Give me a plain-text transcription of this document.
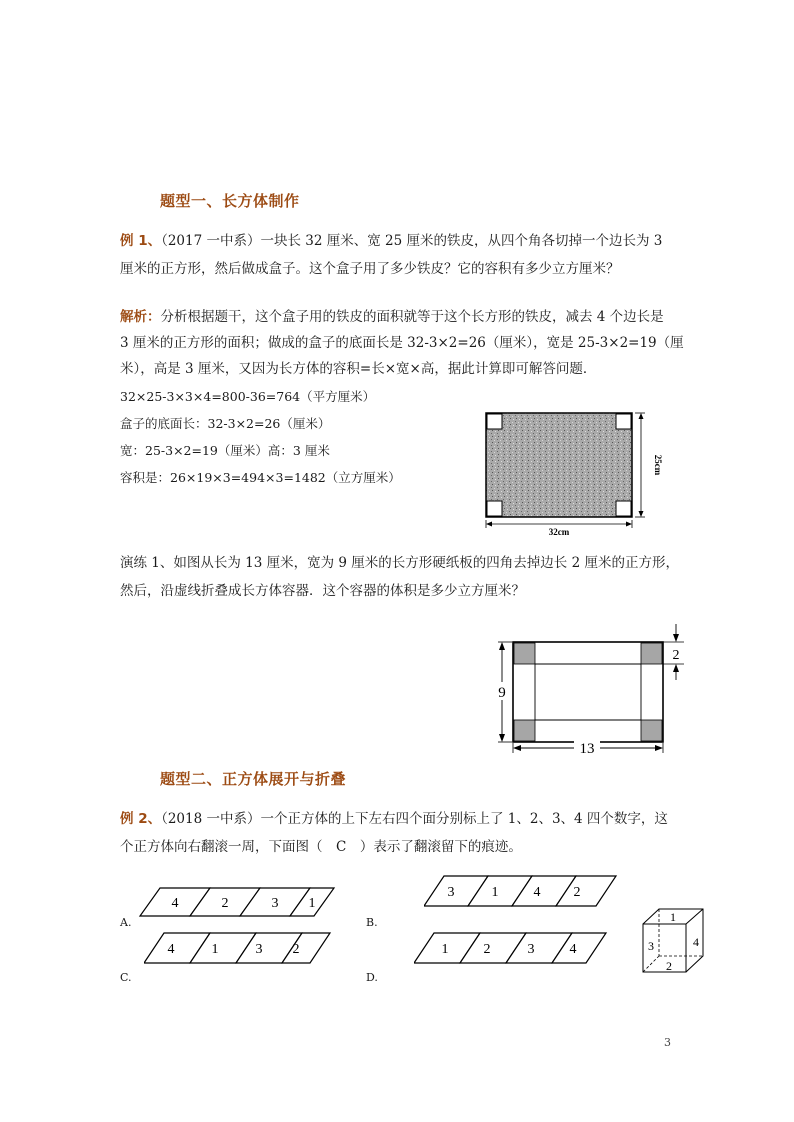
题型一、长方体制作
例 1、（2017 一中系）一块长 32 厘米、宽 25 厘米的铁皮，从四个角各切掉一个边长为 3
厘米的正方形，然后做成盒子。这个盒子用了多少铁皮？它的容积有多少立方厘米？
解析：分析根据题干，这个盒子用的铁皮的面积就等于这个长方形的铁皮，减去 4 个边长是
3 厘米的正方形的面积；做成的盒子的底面长是 32-3×2=26（厘米），宽是 25-3×2=19（厘
米），高是 3 厘米，又因为长方体的容积=长×宽×高，据此计算即可解答问题．
32×25-3×3×4=800-36=764（平方厘米）
盒子的底面长：32-3×2=26（厘米）
宽：25-3×2=19（厘米）高：3 厘米
容积是：26×19×3=494×3=1482（立方厘米）
32cm
25cm
演练 1、如图从长为 13 厘米，宽为 9 厘米的长方形硬纸板的四角去掉边长 2 厘米的正方形，
然后，沿虚线折叠成长方体容器．这个容器的体积是多少立方厘米？
9
13
2
题型二、正方体展开与折叠
例 2、（2018 一中系）一个正方体的上下左右四个面分别标上了 1、2、3、4 四个数字，这
个正方体向右翻滚一周，下面图（　C　）表示了翻滚留下的痕迹。
4	2	3 1
A.
4	1	3 2
C.
3	1	4 2
B.
1	2	3	4
D.
1
3	4
2
3
